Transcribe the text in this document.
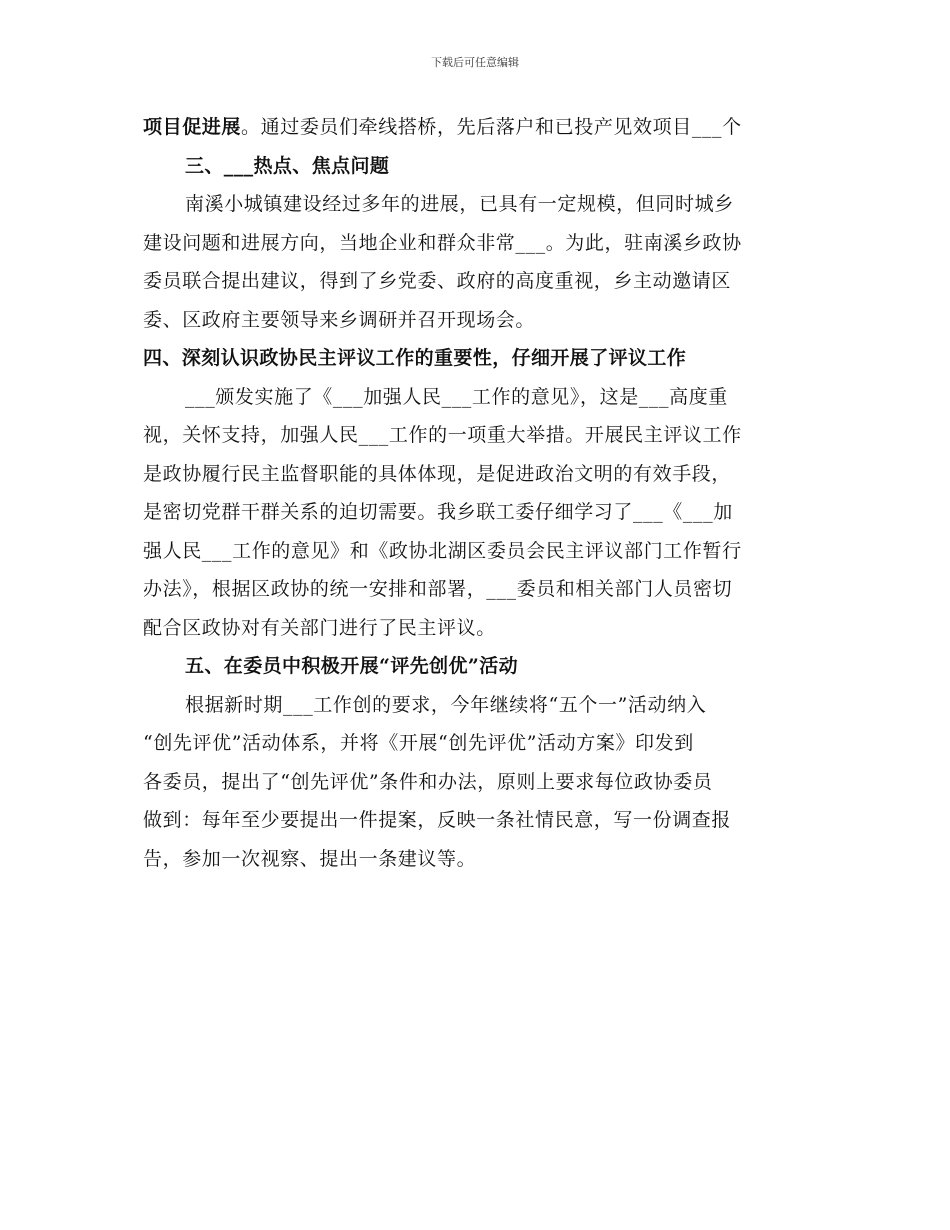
下载后可任意编辑
项目促进展。通过委员们牵线搭桥，先后落户和已投产见效项目___个
三、___热点、焦点问题
南溪小城镇建设经过多年的进展，已具有一定规模，但同时城乡
建设问题和进展方向，当地企业和群众非常___。为此，驻南溪乡政协
委员联合提出建议，得到了乡党委、政府的高度重视，乡主动邀请区
委、区政府主要领导来乡调研并召开现场会。
四、深刻认识政协民主评议工作的重要性，仔细开展了评议工作
___颁发实施了《___加强人民___工作的意见》，这是___高度重
视，关怀支持，加强人民___工作的一项重大举措。开展民主评议工作
是政协履行民主监督职能的具体体现，是促进政治文明的有效手段，
是密切党群干群关系的迫切需要。我乡联工委仔细学习了___《___加
强人民___工作的意见》和《政协北湖区委员会民主评议部门工作暂行
办法》，根据区政协的统一安排和部署，___委员和相关部门人员密切
配合区政协对有关部门进行了民主评议。
五、在委员中积极开展“评先创优”活动
根据新时期___工作创的要求，今年继续将“五个一”活动纳入
“创先评优”活动体系，并将《开展“创先评优”活动方案》印发到
各委员，提出了“创先评优”条件和办法，原则上要求每位政协委员
做到：每年至少要提出一件提案，反映一条社情民意，写一份调查报
告，参加一次视察、提出一条建议等。
